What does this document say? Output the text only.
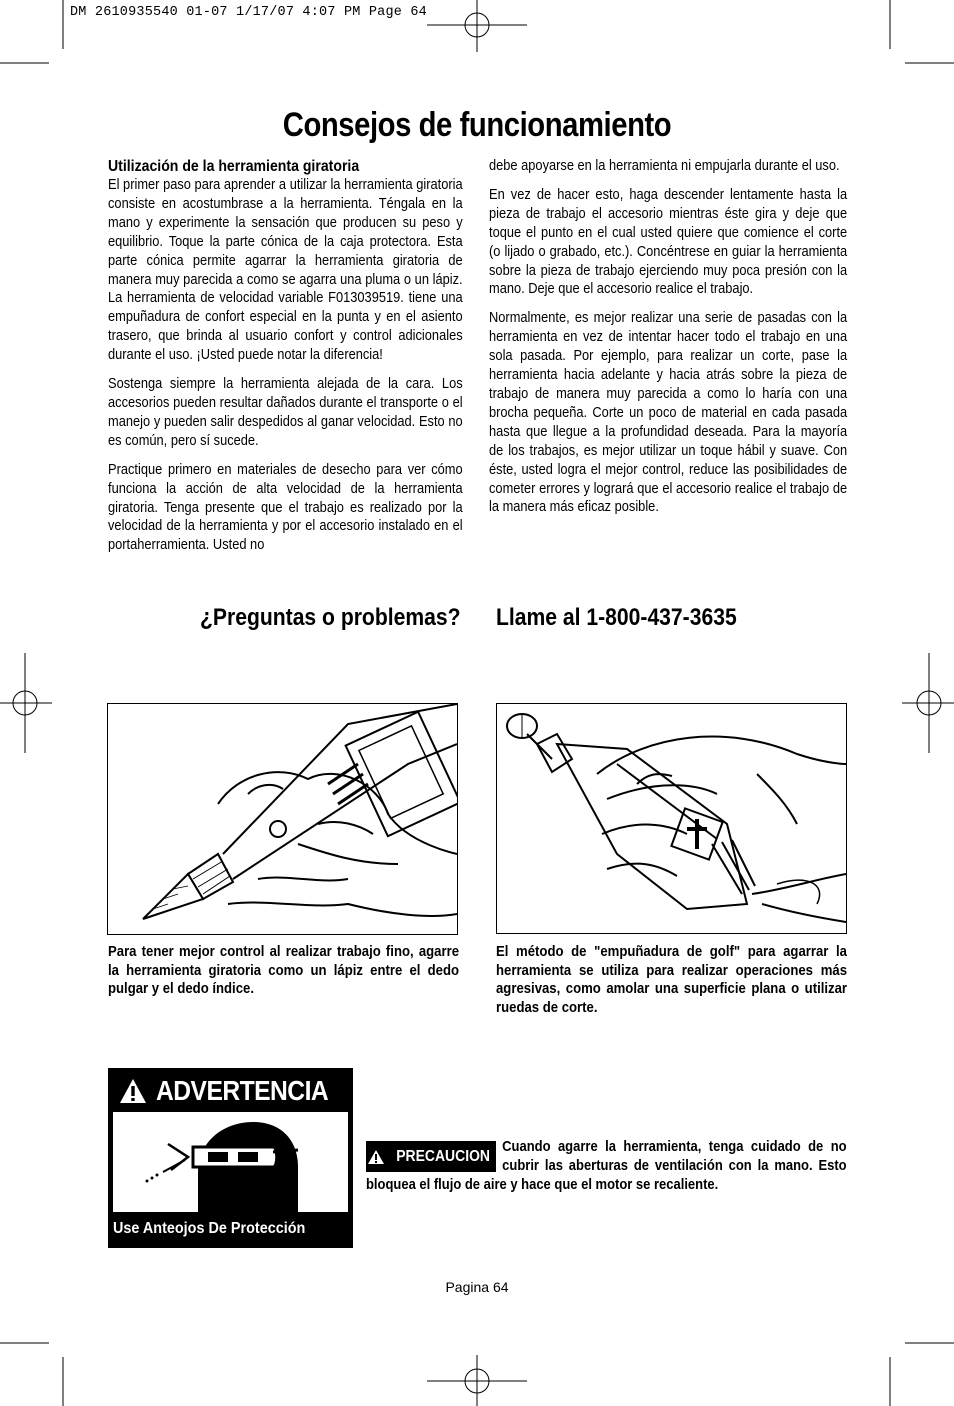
DM 2610935540 01-07 1/17/07 4:07 PM Page 64
Consejos de funcionamiento
Utilización de la herramienta giratoria

El primer paso para aprender a utilizar la herramienta giratoria consiste en acostumbrase a la herramienta. Téngala en la mano y experimente la sensación que producen su peso y equilibrio. Toque la parte cónica de la caja protectora. Esta parte cónica permite agarrar la herramienta giratoria de manera muy parecida a como se agarra una pluma o un lápiz. La herramienta de velocidad variable F013039519. tiene una empuñadura de confort especial en la punta y en el asiento trasero, que brinda al usuario confort y control adicionales durante el uso. ¡Usted puede notar la diferencia!

Sostenga siempre la herramienta alejada de la cara. Los accesorios pueden resultar dañados durante el transporte o el manejo y pueden salir despedidos al ganar velocidad. Esto no es común, pero sí sucede.

Practique primero en materiales de desecho para ver cómo funciona la acción de alta velocidad de la herramienta giratoria. Tenga presente que el trabajo es realizado por la velocidad de la herramienta y por el accesorio instalado en el portaherramienta. Usted no

debe apoyarse en la herramienta ni empujarla durante el uso.

En vez de hacer esto, haga descender lentamente hasta la pieza de trabajo el accesorio mientras éste gira y deje que toque el punto en el cual usted quiere que comience el corte (o lijado o grabado, etc.). Concéntrese en guiar la herramienta sobre la pieza de trabajo ejerciendo muy poca presión con la mano. Deje que el accesorio realice el trabajo.

Normalmente, es mejor realizar una serie de pasadas con la herramienta en vez de intentar hacer todo el trabajo en una sola pasada. Por ejemplo, para realizar un corte, pase la herramienta hacia adelante y hacia atrás sobre la pieza de trabajo de manera muy parecida a como lo haría con una brocha pequeña. Corte un poco de material en cada pasada hasta que llegue a la profundidad deseada. Para la mayoría de los trabajos, es mejor utilizar un toque hábil y suave. Con éste, usted logra el mejor control, reduce las posibilidades de cometer errores y logrará que el accesorio realice el trabajo de la manera más eficaz posible.

¿Preguntas o problemas? Llame al 1-800-437-3635
Para tener mejor control al realizar trabajo fino, agarre la herramienta giratoria como un lápiz entre el dedo pulgar y el dedo índice.
El método de "empuñadura de golf" para agarrar la herramienta se utiliza para realizar operaciones más agresivas, como amolar una superficie plana o utilizar ruedas de corte.
ADVERTENCIA
Use Anteojos De Protección
Cuando agarre la herramienta, tenga cuidado de no cubrir las aberturas de ventilación con la mano. Esto bloquea el flujo de aire y hace que el motor se recaliente.
PRECAUCION
Pagina 64
